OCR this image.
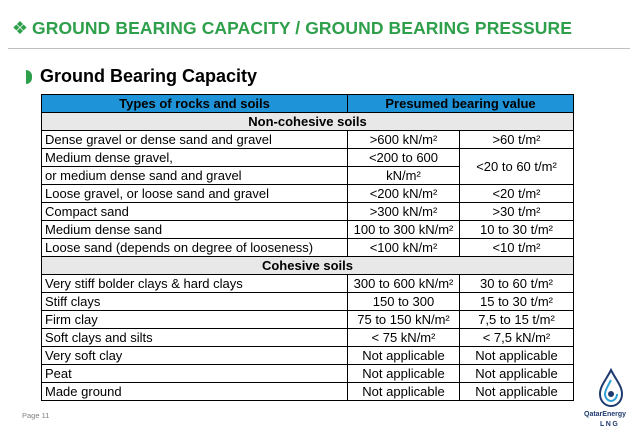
❖ GROUND BEARING CAPACITY / GROUND BEARING PRESSURE
Ground Bearing Capacity
Types of rocks and soils	Presumed bearing value	
Non-cohesive soils		
Dense gravel or dense sand and gravel	>600 kN/m²	>60 t/m²
Medium dense gravel,	<200 to 600	<20 to 60 t/m²
or medium dense sand and gravel	kN/m²	
Loose gravel, or loose sand and gravel	<200 kN/m²	<20 t/m²
Compact sand	>300 kN/m²	>30 t/m²
Medium dense sand	100 to 300 kN/m²	10 to 30 t/m²
Loose sand (depends on degree of looseness)	<100 kN/m²	<10 t/m²
Cohesive soils		
Very stiff bolder clays & hard clays	300 to 600 kN/m²	30 to 60 t/m²
Stiff clays	150 to 300	15 to 30 t/m²
Firm clay	75 to 150 kN/m²	7,5 to 15 t/m²
Soft clays and silts	< 75 kN/m²	< 7,5 kN/m²
Very soft clay	Not applicable	Not applicable
Peat	Not applicable	Not applicable
Made ground	Not applicable	Not applicable
Page 11	QatarEnergy
LNG
